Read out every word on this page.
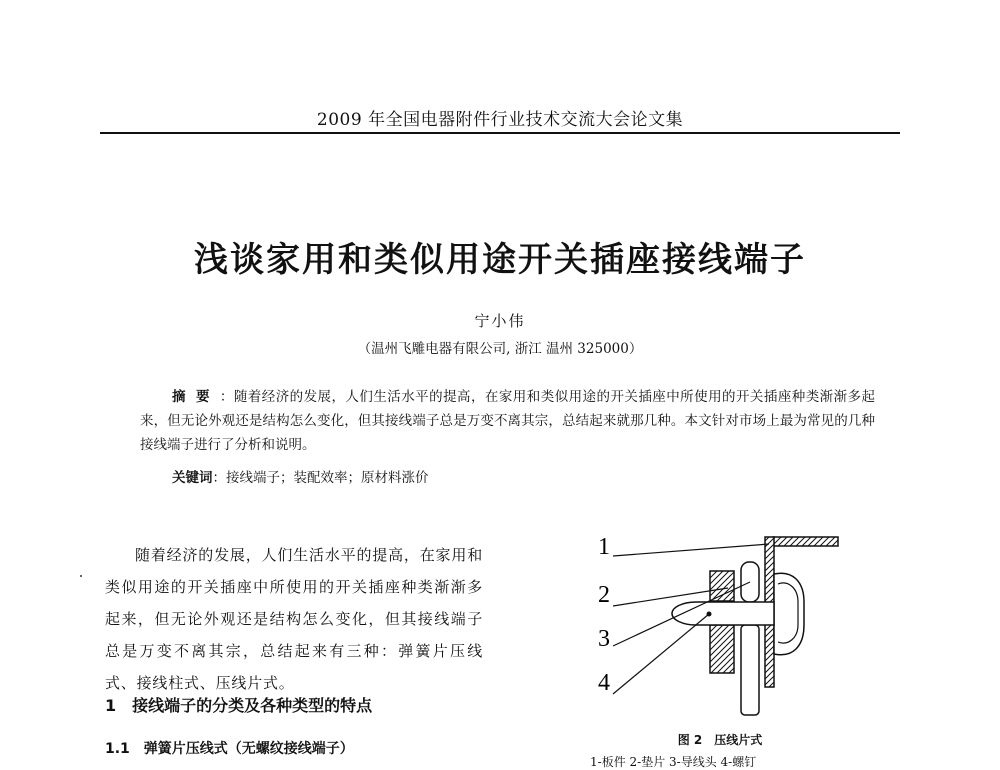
2009 年全国电器附件行业技术交流大会论文集
浅谈家用和类似用途开关插座接线端子
宁小伟
（温州飞雕电器有限公司, 浙江 温州 325000）
摘要：随着经济的发展，人们生活水平的提高，在家用和类似用途的开关插座中所使用的开关插座种类渐渐多起来，但无论外观还是结构怎么变化，但其接线端子总是万变不离其宗，总结起来就那几种。本文针对市场上最为常见的几种接线端子进行了分析和说明。
关键词：接线端子；装配效率；原材料涨价
随着经济的发展，人们生活水平的提高，在家用和类似用途的开关插座中所使用的开关插座种类渐渐多起来，但无论外观还是结构怎么变化，但其接线端子总是万变不离其宗，总结起来有三种：弹簧片压线式、接线柱式、压线片式。
1　接线端子的分类及各种类型的特点
1.1　弹簧片压线式（无螺纹接线端子）
1
2
3
4
图 2　压线片式
1-板件 2-垫片 3-导线头 4-螺钉
